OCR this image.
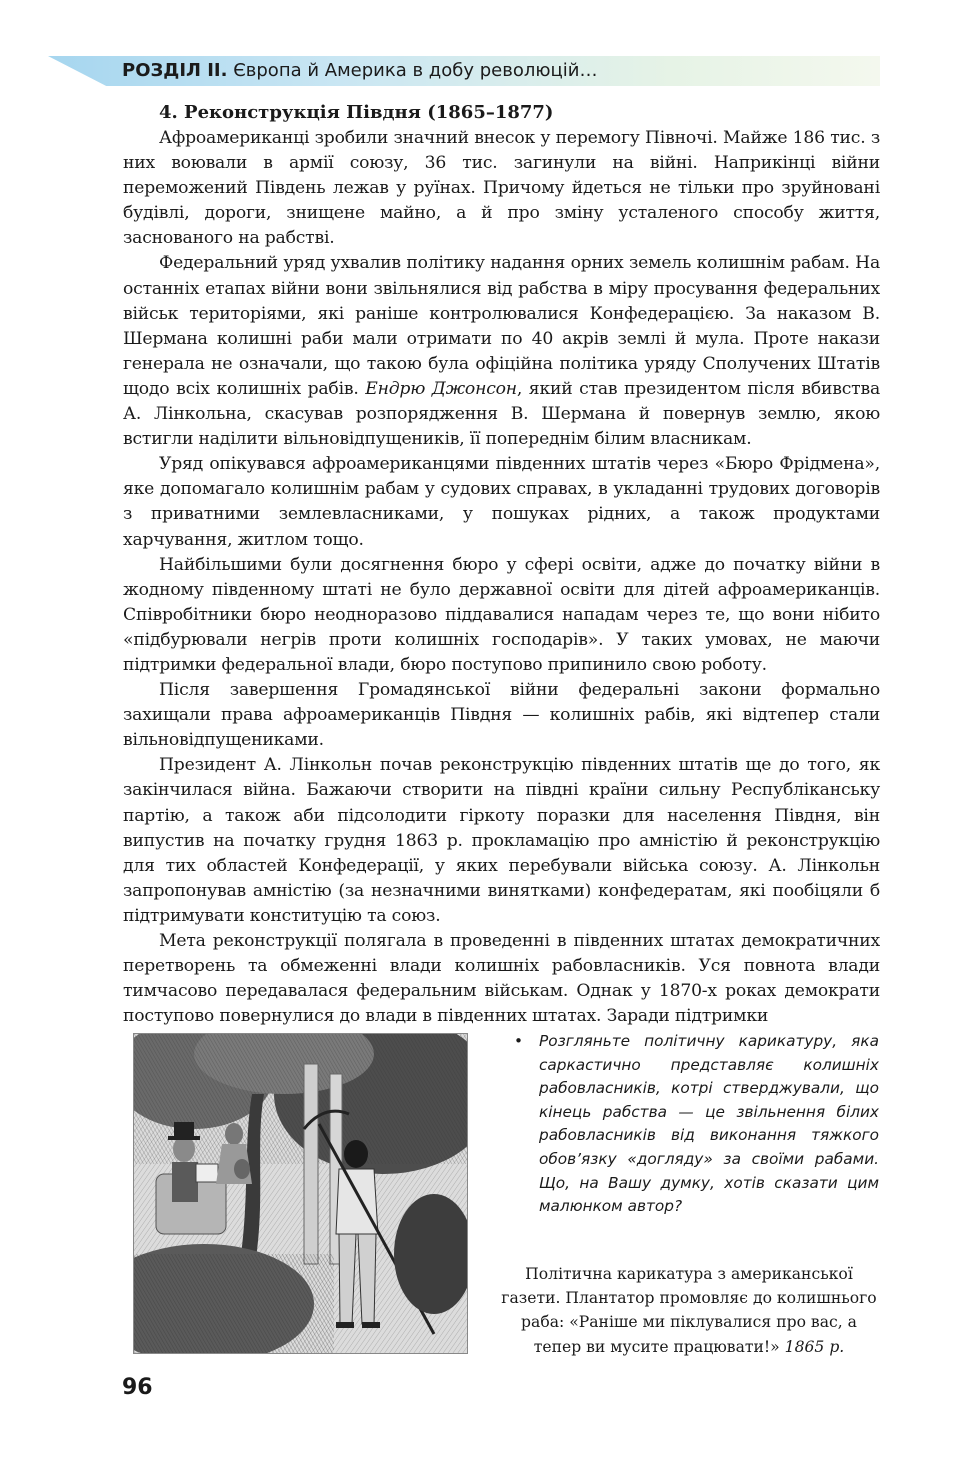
РОЗДІЛ ІІ. Європа й Америка в добу революцій…
4. Реконструкція Півдня (1865–1877)

Афроамериканці зробили значний внесок у перемогу Півночі. Майже 186 тис. з них воювали в армії союзу, 36 тис. загинули на війні. Наприкінці війни переможений Південь лежав у руїнах. Причому йдеться не тільки про зруйновані будівлі, дороги, знищене майно, а й про зміну усталеного способу життя, заснованого на рабстві.

Федеральний уряд ухвалив політику надання орних земель колишнім рабам. На останніх етапах війни вони звільнялися від рабства в міру просування федеральних військ територіями, які раніше контролювалися Конфедерацією. За наказом В. Шермана колишні раби мали отримати по 40 акрів землі й мула. Проте накази генерала не означали, що такою була офіційна політика уряду Сполучених Штатів щодо всіх колишніх рабів. Ендрю Джонсон, який став президентом після вбивства А. Лінкольна, скасував розпорядження В. Шермана й повернув землю, якою встигли наділити вільновідпущеників, її попереднім білим власникам.

Уряд опікувався афроамериканцями південних штатів через «Бюро Фрідмена», яке допомагало колишнім рабам у судових справах, в укладанні трудових договорів з приватними землевласниками, у пошуках рідних, а також продуктами харчування, житлом тощо.

Найбільшими були досягнення бюро у сфері освіти, адже до початку війни в жодному південному штаті не було державної освіти для дітей афроамериканців. Співробітники бюро неодноразово піддавалися нападам через те, що вони нібито «підбурювали негрів проти колишніх господарів». У таких умовах, не маючи підтримки федеральної влади, бюро поступово припинило свою роботу.

Після завершення Громадянської війни федеральні закони формально захищали права афроамериканців Півдня — колишніх рабів, які відтепер стали вільновідпущениками.

Президент А. Лінкольн почав реконструкцію південних штатів ще до того, як закінчилася війна. Бажаючи створити на півдні країни сильну Республіканську партію, а також аби підсолодити гіркоту поразки для населення Півдня, він випустив на початку грудня 1863 р. прокламацію про амністію й реконструкцію для тих областей Конфедерації, у яких перебували війська союзу. А. Лінкольн запропонував амністію (за незначними винятками) конфедератам, які пообіцяли б підтримувати конституцію та союз.

Мета реконструкції полягала в проведенні в південних штатах демократичних перетворень та обмеженні влади колишніх рабовласників. Уся повнота влади тимчасово передавалася федеральним військам. Однак у 1870-х роках демократи поступово повернулися до влади в південних штатах. Заради підтримки

•	Розгляньте політичну карикатуру, яка саркастично представляє колишніх рабовласників, котрі стверджували, що кінець рабства — це звільнення білих рабовласників від виконання тяжкого обов’язку «догляду» за своїми рабами. Що, на Вашу думку, хотів сказати цим малюнком автор?
Політична карикатура з американської газети. Плантатор промовляє до колишнього раба: «Раніше ми піклувалися про вас, а тепер ви мусите працювати!» 1865 р.
96
